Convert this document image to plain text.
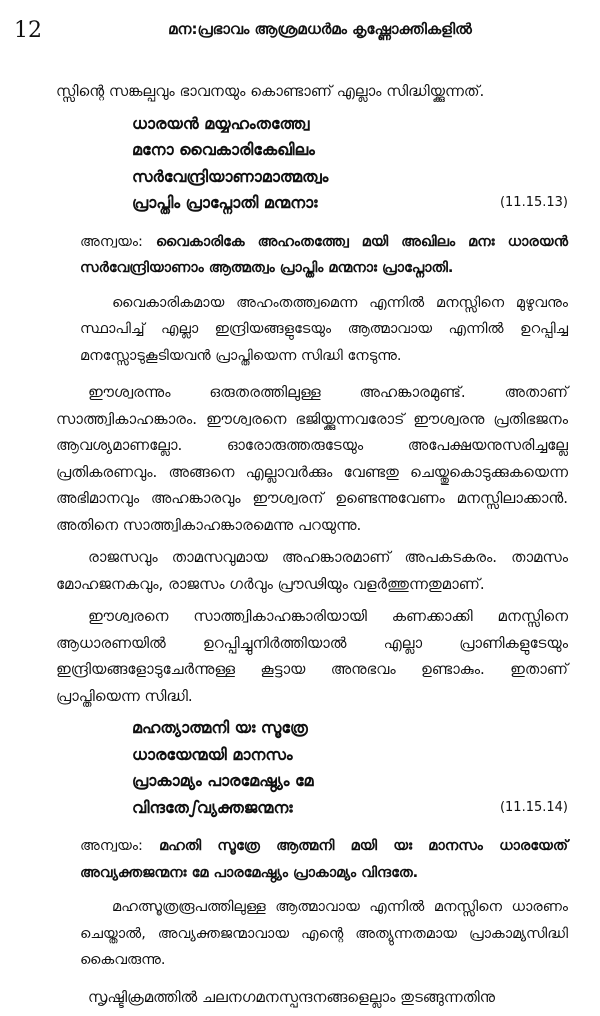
12	മന:പ്രഭാവം ആശ്രമധർമം കൃഷ്ണോക്തികളിൽ
സ്സിന്റെ സങ്കല്പവും ഭാവനയും കൊണ്ടാണ് എല്ലാം സിദ്ധിയ്ക്കുന്നത്.
ധാരയൻ മയ്യഹംതത്ത്വേ
മനോ വൈകാരികേഖിലം
സർവേന്ദ്രിയാണാമാത്മത്വം
പ്രാപ്തിം പ്രാപ്നോതി മന്മനാഃ	(11.15.13)
അന്വയം: വൈകാരികേ അഹംതത്ത്വേ മയി അഖിലം മനഃ ധാരയൻ സർവേന്ദ്രിയാണാം ആത്മത്വം പ്രാപ്തിം മന്മനാഃ പ്രാപ്നോതി.
വൈകാരികമായ അഹംതത്ത്വമെന്ന എന്നിൽ മനസ്സിനെ മുഴുവനും സ്ഥാപിച്ച് എല്ലാ ഇന്ദ്രിയങ്ങളുടേയും ആത്മാവായ എന്നിൽ ഉറപ്പിച്ച മനസ്സോടുകൂടിയവൻ പ്രാപ്തിയെന്ന സിദ്ധി നേടുന്നു.
ഈശ്വരന്നും ഒരുതരത്തിലുള്ള അഹങ്കാരമുണ്ട്. അതാണ് സാത്ത്വികാഹങ്കാരം. ഈശ്വരനെ ഭജിയ്ക്കുന്നവരോട് ഈശ്വരനു പ്രതിഭജനം ആവശ്യമാണല്ലോ. ഓരോരുത്തരുടേയും അപേക്ഷയനുസരിച്ചല്ലേ പ്രതികരണവും. അങ്ങനെ എല്ലാവർക്കും വേണ്ടതു ചെയ്തുകൊടുക്കുകയെന്ന അഭിമാനവും അഹങ്കാരവും ഈശ്വരന് ഉണ്ടെന്നുവേണം മനസ്സിലാക്കാൻ. അതിനെ സാത്ത്വികാഹങ്കാരമെന്നു പറയുന്നു.
രാജസവും താമസവുമായ അഹങ്കാരമാണ് അപകടകരം. താമസം മോഹജനകവും, രാജസം ഗർവും പ്രൗഢിയും വളർത്തുന്നതുമാണ്.
ഈശ്വരനെ സാത്ത്വികാഹങ്കാരിയായി കണക്കാക്കി മനസ്സിനെ ആധാരണയിൽ ഉറപ്പിച്ചുനിർത്തിയാൽ എല്ലാ പ്രാണികളുടേയും ഇന്ദ്രിയങ്ങളോടുചേർന്നുള്ള കൂട്ടായ അനുഭവം ഉണ്ടാകും. ഇതാണ് പ്രാപ്തിയെന്ന സിദ്ധി.
മഹത്യാത്മനി യഃ സൂത്രേ
ധാരയേന്മയി മാനസം
പ്രാകാമ്യം പാരമേഷ്ഠ്യം മേ
വിന്ദതേഽവ്യക്തജന്മനഃ	(11.15.14)
അന്വയം: മഹതി സൂത്രേ ആത്മനി മയി യഃ മാനസം ധാരയേത് അവ്യക്തജന്മനഃ മേ പാരമേഷ്ഠ്യം പ്രാകാമ്യം വിന്ദതേ.
മഹത്സൂത്രരൂപത്തിലുള്ള ആത്മാവായ എന്നിൽ മനസ്സിനെ ധാരണം ചെയ്താൽ, അവ്യക്തജന്മാവായ എന്റെ അത്യുന്നതമായ പ്രാകാമ്യസിദ്ധി കൈവരുന്നു.
സൃഷ്ടിക്രമത്തിൽ ചലനഗമനസ്പന്ദനങ്ങളെല്ലാം തുടങ്ങുന്നതിനു
